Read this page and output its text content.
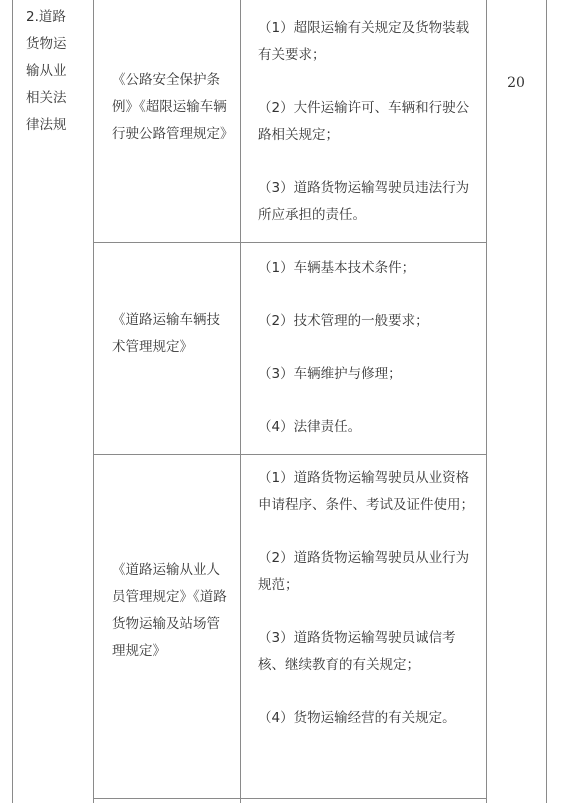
2.道路货物运输从业相关法律法规
《公路安全保护条例》《超限运输车辆行驶公路管理规定》

（1）超限运输有关规定及货物装载有关要求；

（2）大件运输许可、车辆和行驶公路相关规定；

（3）道路货物运输驾驶员违法行为所应承担的责任。

《道路运输车辆技术管理规定》

（1）车辆基本技术条件；

（2）技术管理的一般要求；

（3）车辆维护与修理；

（4）法律责任。

《道路运输从业人员管理规定》《道路货物运输及站场管理规定》

（1）道路货物运输驾驶员从业资格申请程序、条件、考试及证件使用；

（2）道路货物运输驾驶员从业行为规范；

（3）道路货物运输驾驶员诚信考核、继续教育的有关规定；

（4）货物运输经营的有关规定。

20
